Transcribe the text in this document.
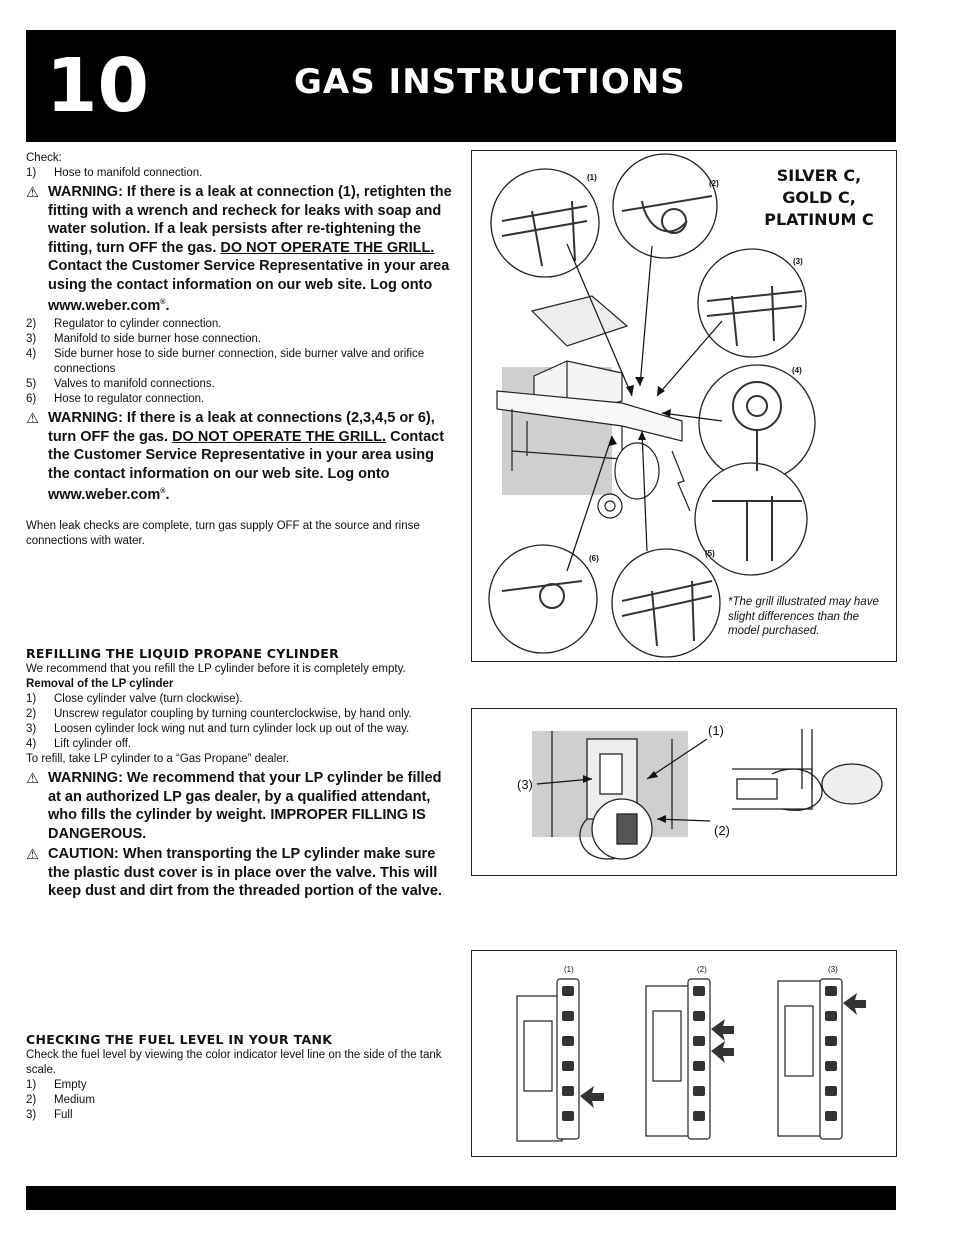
10	GAS INSTRUCTIONS

Check:

1) Hose to manifold connection.
⚠ WARNING: If there is a leak at connection (1), retighten the fitting with a wrench and recheck for leaks with soap and water solution. If a leak persists after re-tightening the fitting, turn OFF the gas. DO NOT OPERATE THE GRILL. Contact the Customer Service Representative in your area using the contact information on our web site. Log onto www.weber.com®.
2) Regulator to cylinder connection.
3) Manifold to side burner hose connection.
4) Side burner hose to side burner connection, side burner valve and orifice connections
5) Valves to manifold connections.
6) Hose to regulator connection.
⚠ WARNING: If there is a leak at connections (2,3,4,5 or 6), turn OFF the gas. DO NOT OPERATE THE GRILL. Contact the Customer Service Representative in your area using the contact information on our web site. Log onto www.weber.com®.

When leak checks are complete, turn gas supply OFF at the source and rinse connections with water.

REFILLING THE LIQUID PROPANE CYLINDER

We recommend that you refill the LP cylinder before it is completely empty.

Removal of the LP cylinder

1) Close cylinder valve (turn clockwise).
2) Unscrew regulator coupling by turning counterclockwise, by hand only.
3) Loosen cylinder lock wing nut and turn cylinder lock up out of the way.
4) Lift cylinder off.

To refill, take LP cylinder to a “Gas Propane” dealer.

⚠ WARNING: We recommend that your LP cylinder be filled at an authorized LP gas dealer, by a qualified attendant, who fills the cylinder by weight. IMPROPER FILLING IS DANGEROUS.
⚠ CAUTION: When transporting the LP cylinder make sure the plastic dust cover is in place over the valve. This will keep dust and dirt from the threaded portion of the valve.
CHECKING THE FUEL LEVEL IN YOUR TANK

Check the fuel level by viewing the color indicator level line on the side of the tank scale.

1) Empty
2) Medium
3) Full
(1)
(2)
(3)
(4)
(5)
(6)
SILVER C,
GOLD C,
PLATINUM C
*The grill illustrated may have slight differences than the model purchased.
(1)
(2)
(3)
(1)	(2)	(3)
